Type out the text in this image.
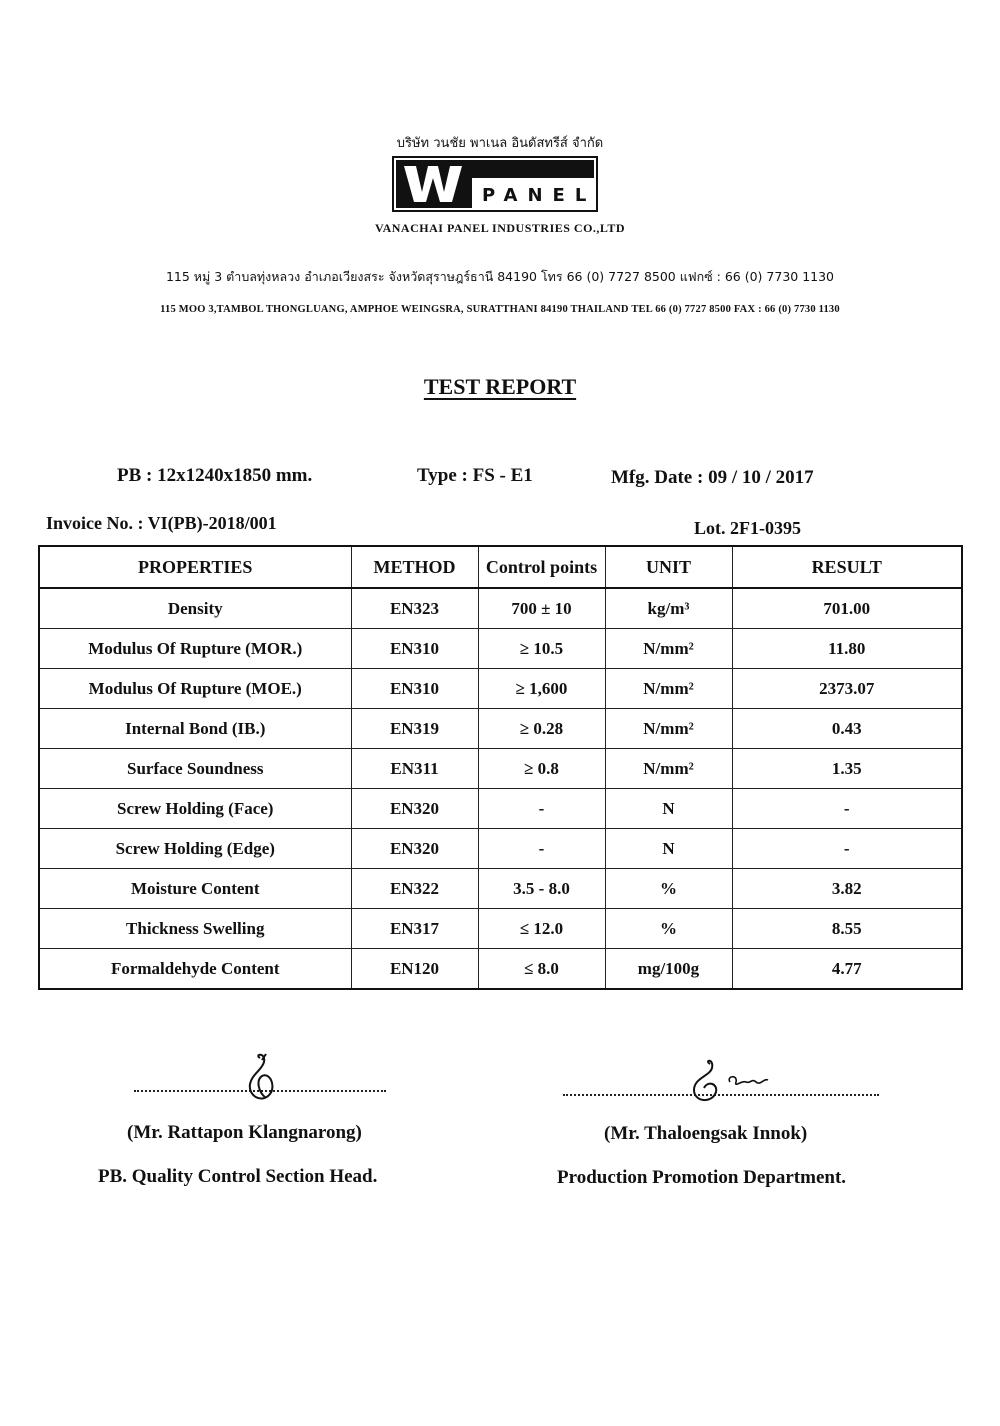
บริษัท วนชัย พาเนล อินดัสทรีส์ จำกัด
PANEL
VANACHAI PANEL INDUSTRIES CO.,LTD
115 หมู่ 3 ตำบลทุ่งหลวง อำเภอเวียงสระ จังหวัดสุราษฎร์ธานี 84190 โทร 66 (0) 7727 8500 แฟกซ์ : 66 (0) 7730 1130
115 MOO 3,TAMBOL THONGLUANG, AMPHOE WEINGSRA, SURATTHANI 84190 THAILAND TEL 66 (0) 7727 8500 FAX : 66 (0) 7730 1130
TEST REPORT
PB : 12x1240x1850 mm.	Type : FS - E1	Mfg. Date : 09 / 10 / 2017
Invoice No. : VI(PB)-2018/001	Lot. 2F1-0395
PROPERTIES	METHOD	Control points	UNIT	RESULT
Density	EN323	700 ± 10	kg/m³	701.00
Modulus Of Rupture (MOR.)	EN310	≥ 10.5	N/mm²	11.80
Modulus Of Rupture (MOE.)	EN310	≥ 1,600	N/mm²	2373.07
Internal Bond (IB.)	EN319	≥ 0.28	N/mm²	0.43
Surface Soundness	EN311	≥ 0.8	N/mm²	1.35
Screw Holding (Face)	EN320	-	N	-
Screw Holding (Edge)	EN320	-	N	-
Moisture Content	EN322	3.5 - 8.0	%	3.82
Thickness Swelling	EN317	≤ 12.0	%	8.55
Formaldehyde Content	EN120	≤ 8.0	mg/100g	4.77
(Mr. Rattapon Klangnarong)	(Mr. Thaloengsak Innok)
PB. Quality Control Section Head.	Production Promotion Department.
